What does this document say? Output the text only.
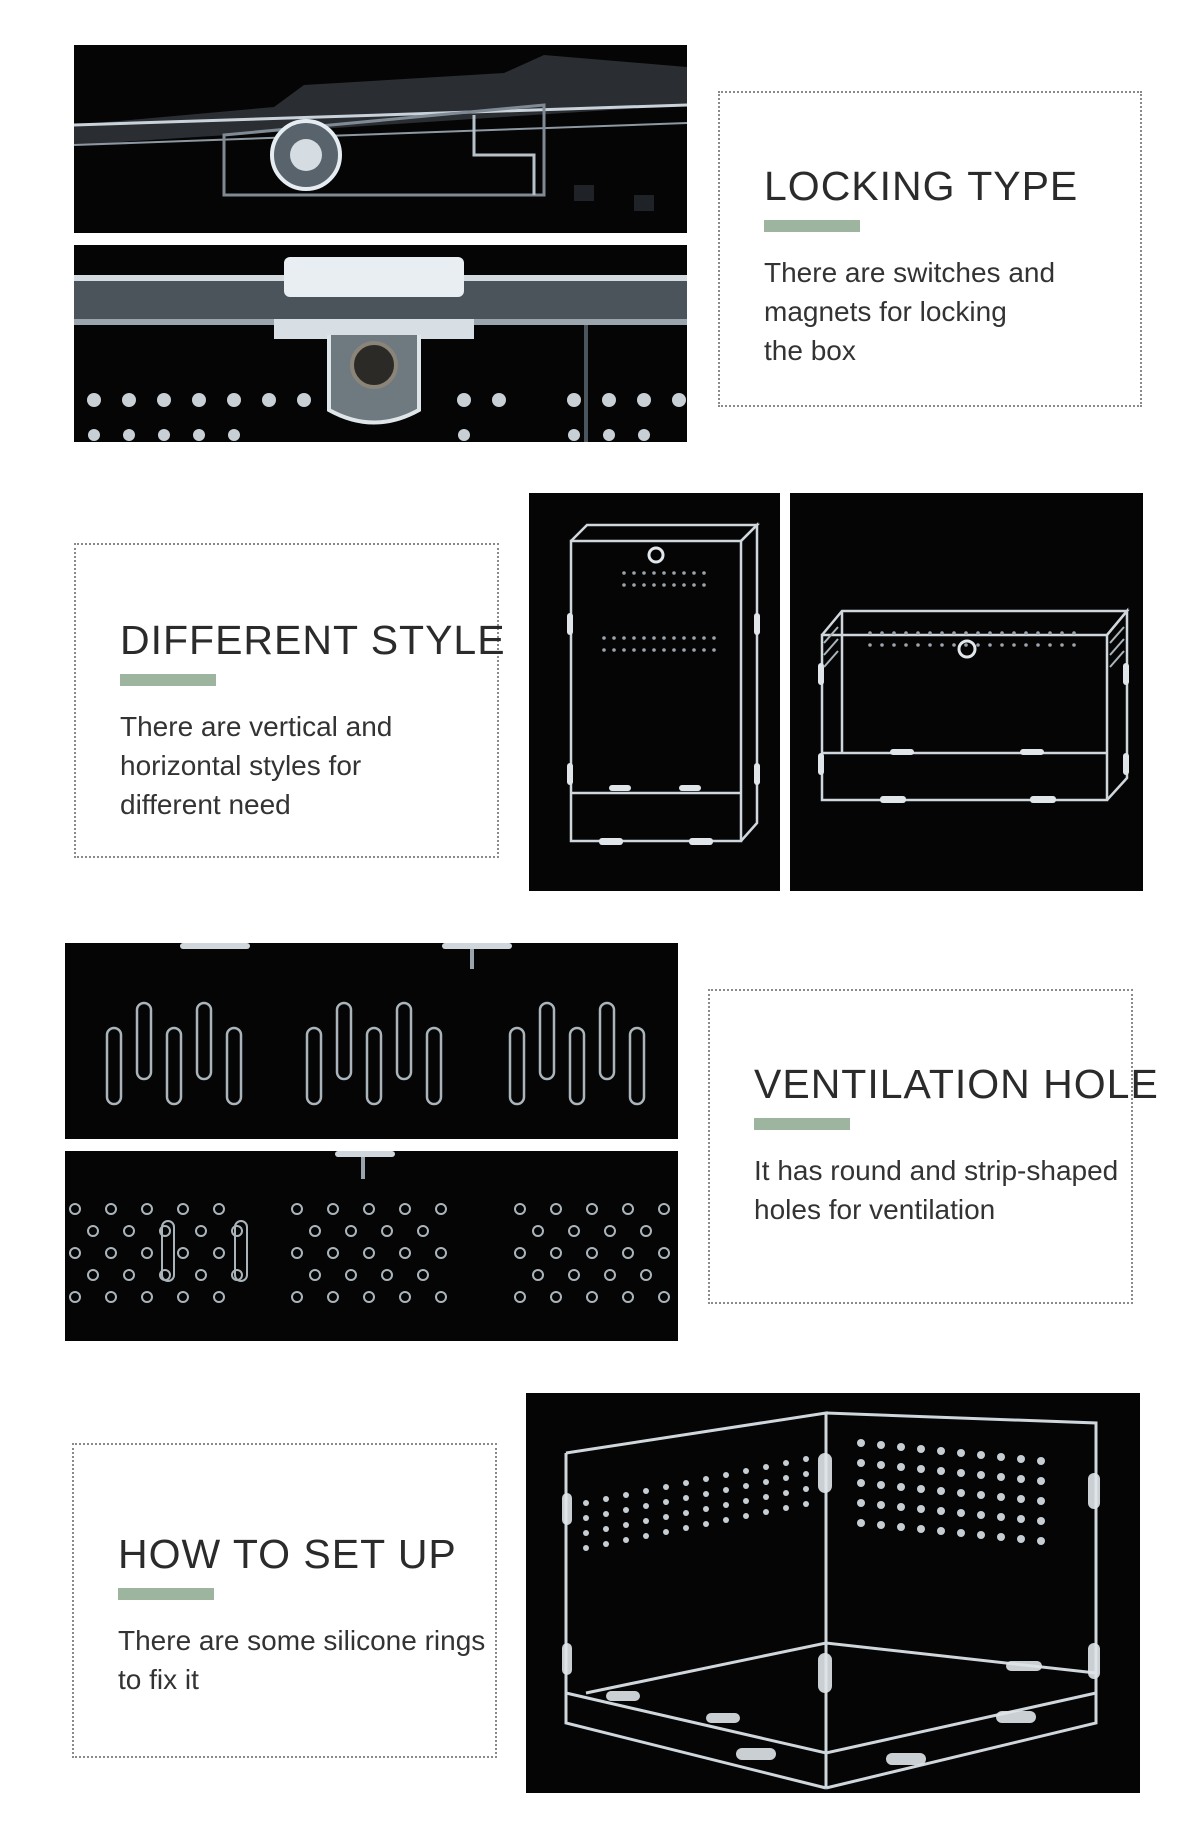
LOCKING TYPE
There are switches and
magnets for locking
the box
DIFFERENT STYLE
There are vertical and
horizontal styles for
different need
VENTILATION HOLE
It has round and strip-shaped
holes for ventilation
HOW TO SET UP
There are some silicone rings
to fix it
